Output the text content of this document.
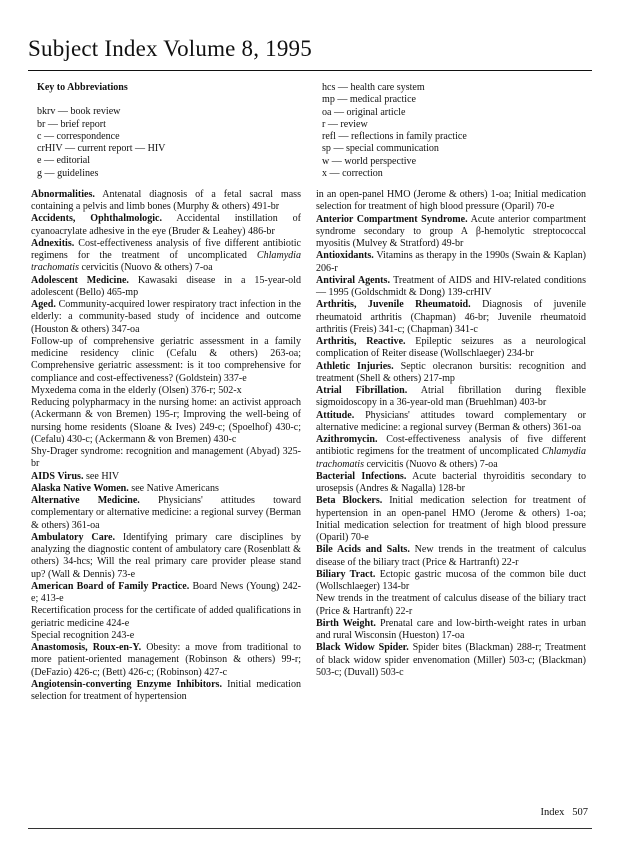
Subject Index Volume 8, 1995
Key to Abbreviations
bkrv — book review
br — brief report
c — correspondence
crHIV — current report — HIV
e — editorial
g — guidelines

Abnormalities. Antenatal diagnosis of a fetal sacral mass containing a pelvis and limb bones (Murphy & others) 491-br

Accidents, Ophthalmologic. Accidental instillation of cyanoacrylate adhesive in the eye (Bruder & Leahey) 486-br

Adnexitis. Cost-effectiveness analysis of five different antibiotic regimens for the treatment of uncomplicated Chlamydia trachomatis cervicitis (Nuovo & others) 7-oa

Adolescent Medicine. Kawasaki disease in a 15-year-old adolescent (Bello) 465-mp

Aged. Community-acquired lower respiratory tract infection in the elderly: a community-based study of incidence and outcome (Houston & others) 347-oa

Follow-up of comprehensive geriatric assessment in a family medicine residency clinic (Cefalu & others) 263-oa; Comprehensive geriatric assessment: is it too comprehensive for compliance and cost-effectiveness? (Goldstein) 337-e

Myxedema coma in the elderly (Olsen) 376-r; 502-x

Reducing polypharmacy in the nursing home: an activist approach (Ackermann & von Bremen) 195-r; Improving the well-being of nursing home residents (Sloane & Ives) 249-c; (Spoelhof) 430-c; (Cefalu) 430-c; (Ackermann & von Bremen) 430-c

Shy-Drager syndrome: recognition and management (Abyad) 325-br

AIDS Virus. see HIV

Alaska Native Women. see Native Americans

Alternative Medicine. Physicians' attitudes toward complementary or alternative medicine: a regional survey (Berman & others) 361-oa

Ambulatory Care. Identifying primary care disciplines by analyzing the diagnostic content of ambulatory care (Rosenblatt & others) 34-hcs; Will the real primary care provider please stand up? (Wall & Dennis) 73-e

American Board of Family Practice. Board News (Young) 242-e; 413-e

Recertification process for the certificate of added qualifications in geriatric medicine 424-e

Special recognition 243-e

Anastomosis, Roux-en-Y. Obesity: a move from traditional to more patient-oriented management (Robinson & others) 99-r; (DeFazio) 426-c; (Bett) 426-c; (Robinson) 427-c

Angiotensin-converting Enzyme Inhibitors. Initial medication selection for treatment of hypertension

hcs — health care system
mp — medical practice
oa — original article
r — review
refl — reflections in family practice
sp — special communication
w — world perspective
x — correction

in an open-panel HMO (Jerome & others) 1-oa; Initial medication selection for treatment of high blood pressure (Oparil) 70-e

Anterior Compartment Syndrome. Acute anterior compartment syndrome secondary to group A β-hemolytic streptococcal myositis (Mulvey & Stratford) 49-br

Antioxidants. Vitamins as therapy in the 1990s (Swain & Kaplan) 206-r

Antiviral Agents. Treatment of AIDS and HIV-related conditions — 1995 (Goldschmidt & Dong) 139-crHIV

Arthritis, Juvenile Rheumatoid. Diagnosis of juvenile rheumatoid arthritis (Chapman) 46-br; Juvenile rheumatoid arthritis (Freis) 341-c; (Chapman) 341-c

Arthritis, Reactive. Epileptic seizures as a neurological complication of Reiter disease (Wollschlaeger) 234-br

Athletic Injuries. Septic olecranon bursitis: recognition and treatment (Shell & others) 217-mp

Atrial Fibrillation. Atrial fibrillation during flexible sigmoidoscopy in a 36-year-old man (Bruehlman) 403-br

Attitude. Physicians' attitudes toward complementary or alternative medicine: a regional survey (Berman & others) 361-oa

Azithromycin. Cost-effectiveness analysis of five different antibiotic regimens for the treatment of uncomplicated Chlamydia trachomatis cervicitis (Nuovo & others) 7-oa

Bacterial Infections. Acute bacterial thyroiditis secondary to urosepsis (Andres & Nagalla) 128-br

Beta Blockers. Initial medication selection for treatment of hypertension in an open-panel HMO (Jerome & others) 1-oa; Initial medication selection for treatment of high blood pressure (Oparil) 70-e

Bile Acids and Salts. New trends in the treatment of calculus disease of the biliary tract (Price & Hartranft) 22-r

Biliary Tract. Ectopic gastric mucosa of the common bile duct (Wollschlaeger) 134-br

New trends in the treatment of calculus disease of the biliary tract (Price & Hartranft) 22-r

Birth Weight. Prenatal care and low-birth-weight rates in urban and rural Wisconsin (Hueston) 17-oa

Black Widow Spider. Spider bites (Blackman) 288-r; Treatment of black widow spider envenomation (Miller) 503-c; (Blackman) 503-c; (Duvall) 503-c

Index 507
